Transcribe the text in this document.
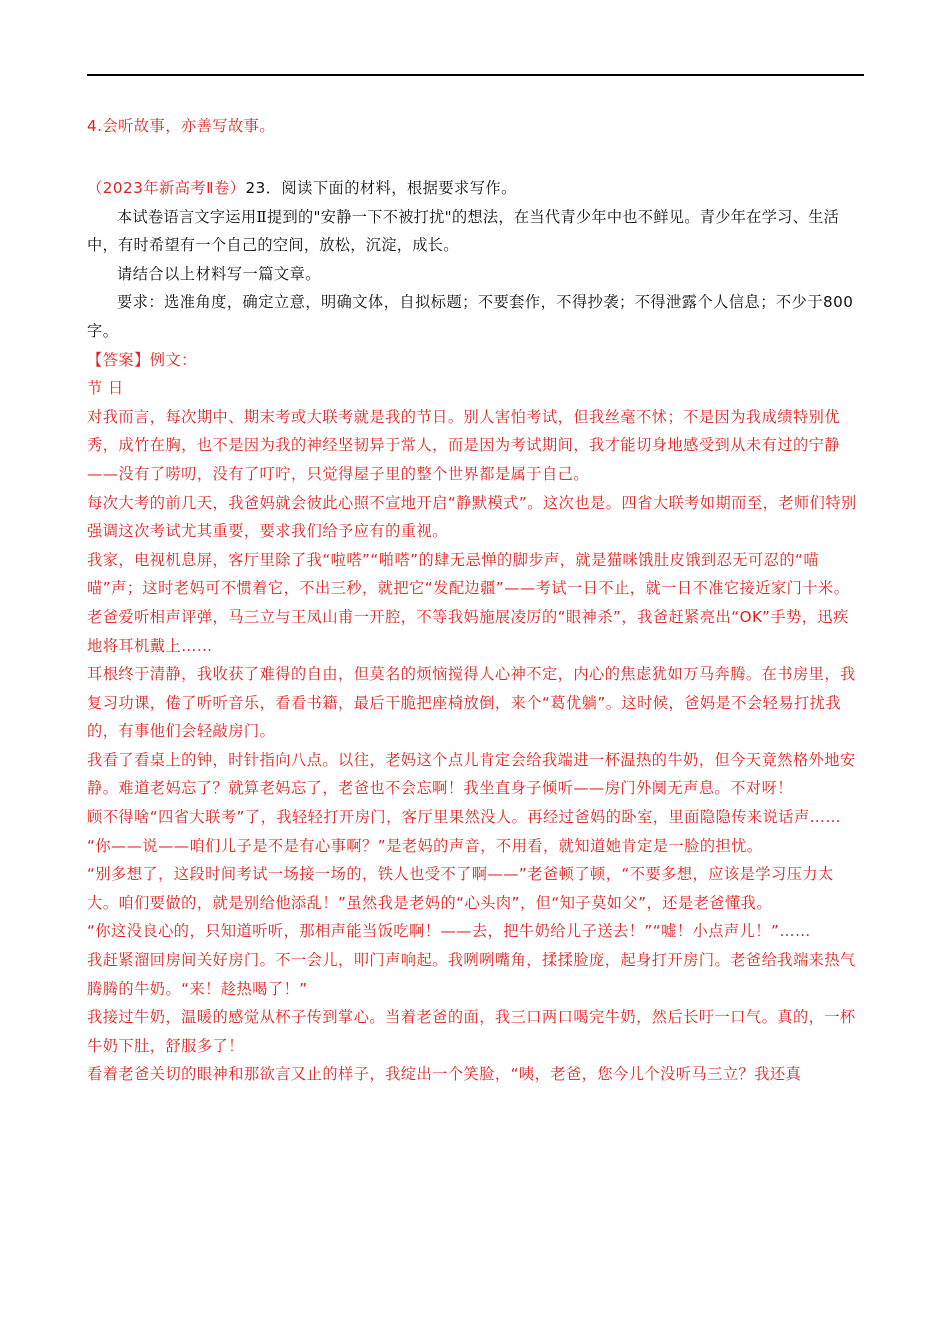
4.会听故事，亦善写故事。

（2023年新高考Ⅱ卷）23．阅读下面的材料，根据要求写作。

本试卷语言文字运用Ⅱ提到的"安静一下不被打扰"的想法，在当代青少年中也不鲜见。青少年在学习、生活中，有时希望有一个自己的空间，放松，沉淀，成长。

请结合以上材料写一篇文章。

要求：选准角度，确定立意，明确文体，自拟标题；不要套作，不得抄袭；不得泄露个人信息；不少于800字。

【答案】例文：

节 日

对我而言，每次期中、期末考或大联考就是我的节日。别人害怕考试，但我丝毫不怵；不是因为我成绩特别优秀，成竹在胸，也不是因为我的神经坚韧异于常人，而是因为考试期间，我才能切身地感受到从未有过的宁静——没有了唠叨，没有了叮咛，只觉得屋子里的整个世界都是属于自己。

每次大考的前几天，我爸妈就会彼此心照不宣地开启“静默模式”。这次也是。四省大联考如期而至，老师们特别强调这次考试尤其重要，要求我们给予应有的重视。

我家，电视机息屏，客厅里除了我“啦嗒”“啪嗒”的肆无忌惮的脚步声，就是猫咪饿肚皮饿到忍无可忍的“喵喵”声；这时老妈可不惯着它，不出三秒，就把它“发配边疆”——考试一日不止，就一日不准它接近家门十米。老爸爱听相声评弹，马三立与王凤山甫一开腔，不等我妈施展凌厉的“眼神杀”，我爸赶紧亮出“OK”手势，迅疾地将耳机戴上……

耳根终于清静，我收获了难得的自由，但莫名的烦恼搅得人心神不定，内心的焦虑犹如万马奔腾。在书房里，我复习功课，倦了听听音乐，看看书籍，最后干脆把座椅放倒，来个“葛优躺”。这时候，爸妈是不会轻易打扰我的，有事他们会轻敲房门。

我看了看桌上的钟，时针指向八点。以往，老妈这个点儿肯定会给我端进一杯温热的牛奶，但今天竟然格外地安静。难道老妈忘了？就算老妈忘了，老爸也不会忘啊！我坐直身子倾听——房门外阒无声息。不对呀！

顾不得啥“四省大联考”了，我轻轻打开房门，客厅里果然没人。再经过爸妈的卧室，里面隐隐传来说话声……

“你——说——咱们儿子是不是有心事啊？”是老妈的声音，不用看，就知道她肯定是一脸的担忧。

“别多想了，这段时间考试一场接一场的，铁人也受不了啊——”老爸顿了顿，“不要多想，应该是学习压力太大。咱们要做的，就是别给他添乱！”虽然我是老妈的“心头肉”，但“知子莫如父”，还是老爸懂我。

“你这没良心的，只知道听听，那相声能当饭吃啊！——去，把牛奶给儿子送去！”“嘘！小点声儿！”……

我赶紧溜回房间关好房门。不一会儿，叩门声响起。我咧咧嘴角，揉揉脸庞，起身打开房门。老爸给我端来热气腾腾的牛奶。“来！趁热喝了！”

我接过牛奶，温暖的感觉从杯子传到掌心。当着老爸的面，我三口两口喝完牛奶，然后长吁一口气。真的，一杯牛奶下肚，舒服多了！

看着老爸关切的眼神和那欲言又止的样子，我绽出一个笑脸，“咦，老爸，您今儿个没听马三立？我还真
